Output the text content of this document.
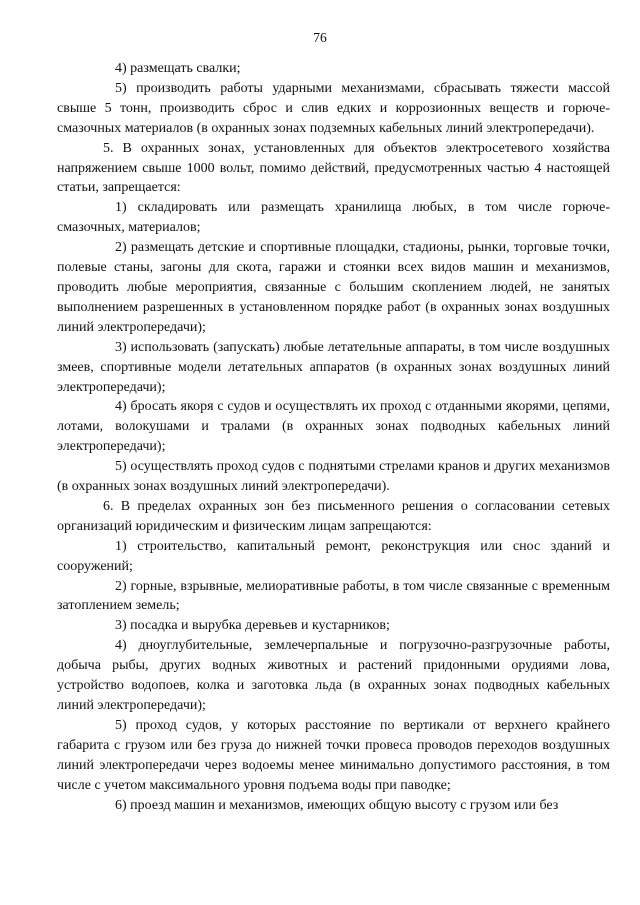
76

4) размещать свалки;

5) производить работы ударными механизмами, сбрасывать тяжести массой свыше 5 тонн, производить сброс и слив едких и коррозионных веществ и горюче-смазочных материалов (в охранных зонах подземных кабельных линий электропередачи).

5. В охранных зонах, установленных для объектов электросетевого хозяйства напряжением свыше 1000 вольт, помимо действий, предусмотренных частью 4 настоящей статьи, запрещается:

1) складировать или размещать хранилища любых, в том числе горюче-смазочных, материалов;

2) размещать детские и спортивные площадки, стадионы, рынки, торговые точки, полевые станы, загоны для скота, гаражи и стоянки всех видов машин и механизмов, проводить любые мероприятия, связанные с большим скоплением людей, не занятых выполнением разрешенных в установленном порядке работ (в охранных зонах воздушных линий электропередачи);

3) использовать (запускать) любые летательные аппараты, в том числе воздушных змеев, спортивные модели летательных аппаратов (в охранных зонах воздушных линий электропередачи);

4) бросать якоря с судов и осуществлять их проход с отданными якорями, цепями, лотами, волокушами и тралами (в охранных зонах подводных кабельных линий электропередачи);

5) осуществлять проход судов с поднятыми стрелами кранов и других механизмов (в охранных зонах воздушных линий электропередачи).

6. В пределах охранных зон без письменного решения о согласовании сетевых организаций юридическим и физическим лицам запрещаются:

1) строительство, капитальный ремонт, реконструкция или снос зданий и сооружений;

2) горные, взрывные, мелиоративные работы, в том числе связанные с временным затоплением земель;

3) посадка и вырубка деревьев и кустарников;

4) дноуглубительные, землечерпальные и погрузочно-разгрузочные работы, добыча рыбы, других водных животных и растений придонными орудиями лова, устройство водопоев, колка и заготовка льда (в охранных зонах подводных кабельных линий электропередачи);

5) проход судов, у которых расстояние по вертикали от верхнего крайнего габарита с грузом или без груза до нижней точки провеса проводов переходов воздушных линий электропередачи через водоемы менее минимально допустимого расстояния, в том числе с учетом максимального уровня подъема воды при паводке;

6) проезд машин и механизмов, имеющих общую высоту с грузом или без
